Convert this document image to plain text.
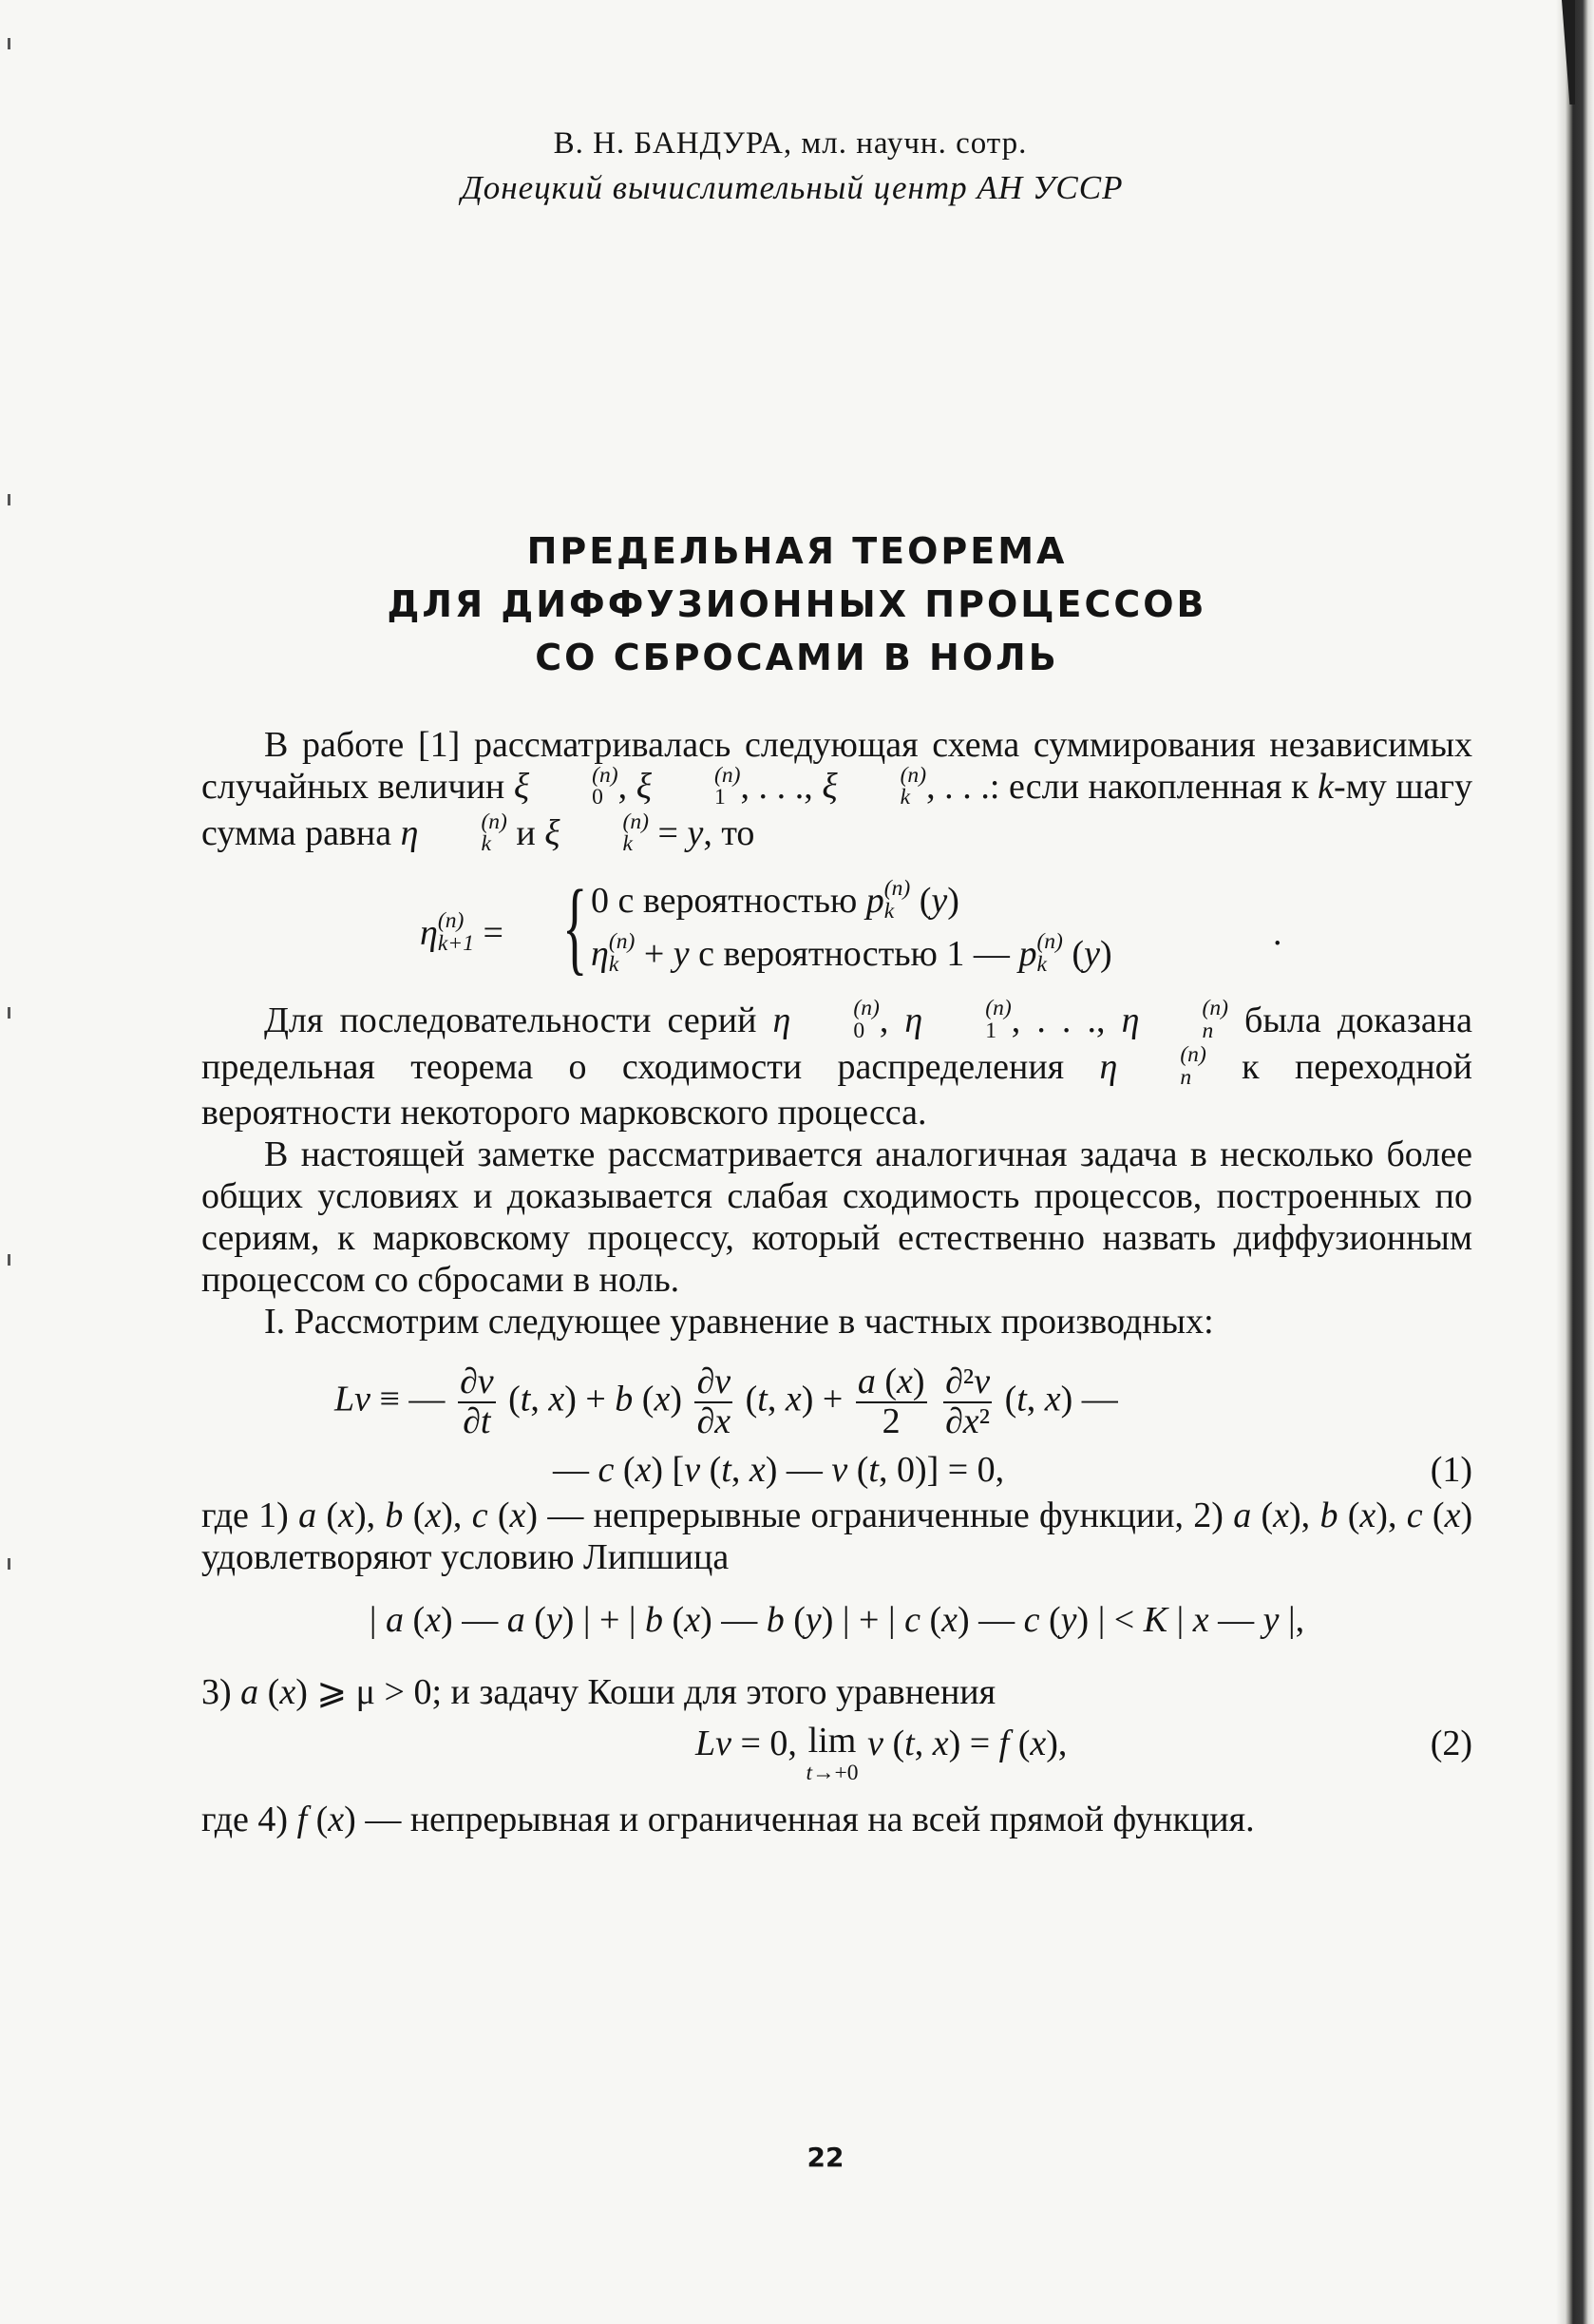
В. Н. БАНДУРА, мл. научн. сотр.
Донецкий вычислительный центр АН УССР
ПРЕДЕЛЬНАЯ ТЕОРЕМА
ДЛЯ ДИФФУЗИОННЫХ ПРОЦЕССОВ
СО СБРОСАМИ В НОЛЬ

В работе [1] рассматривалась следующая схема суммирования независимых случайных величин ξ	(n)
0 , ξ	(n)
1 , . . ., ξ	(n)
k , . . .: если накопленная к k-му шагу сумма равна η	(n)
k и ξ	(n)
k = y, то

η (n)
k+1 = { 0 с вероятностью p (n)
k (y)
η (n)
k + y с вероятностью 1 — p (n)
k (y)
.

Для последовательности серий η	(n)
0 , η	(n)
1 , . . ., η	(n)
n была доказана предельная теорема о сходимости распределения η	(n)
n к переходной вероятности некоторого марковского процесса.

В настоящей заметке рассматривается аналогичная задача в несколько более общих условиях и доказывается слабая сходимость процессов, построенных по сериям, к марковскому процессу, который естественно назвать диффузионным процессом со сбросами в ноль.

I. Рассмотрим следующее уравнение в частных производных:

Lv ≡ — $\frac{\partial v}{\partial t} (t$, x) + b $(x) \frac{\partial v}{\partial x} (t$, $x) + \frac{a (x)}{2}$
$\frac{\text{∂²v}}{\text{∂x²}} (t$, x) —
— c (x) [v (t, x) — v (t, 0)] = 0,	(1)

где 1) a (x), b (x), c (x) — непрерывные ограниченные функции, 2) a (x), b (x), c (x) удовлетворяют условию Липшица

| a (x) — a (y) | + | b (x) — b (y) | + | c (x) — c (y) | < K | x — y |,

3) a (x) ⩾ μ > 0; и задачу Коши для этого уравнения

Lv = 0, lim
t→+0
v (t, x) = f (x),	(2)

где 4) f (x) — непрерывная и ограниченная на всей прямой функция.

22
